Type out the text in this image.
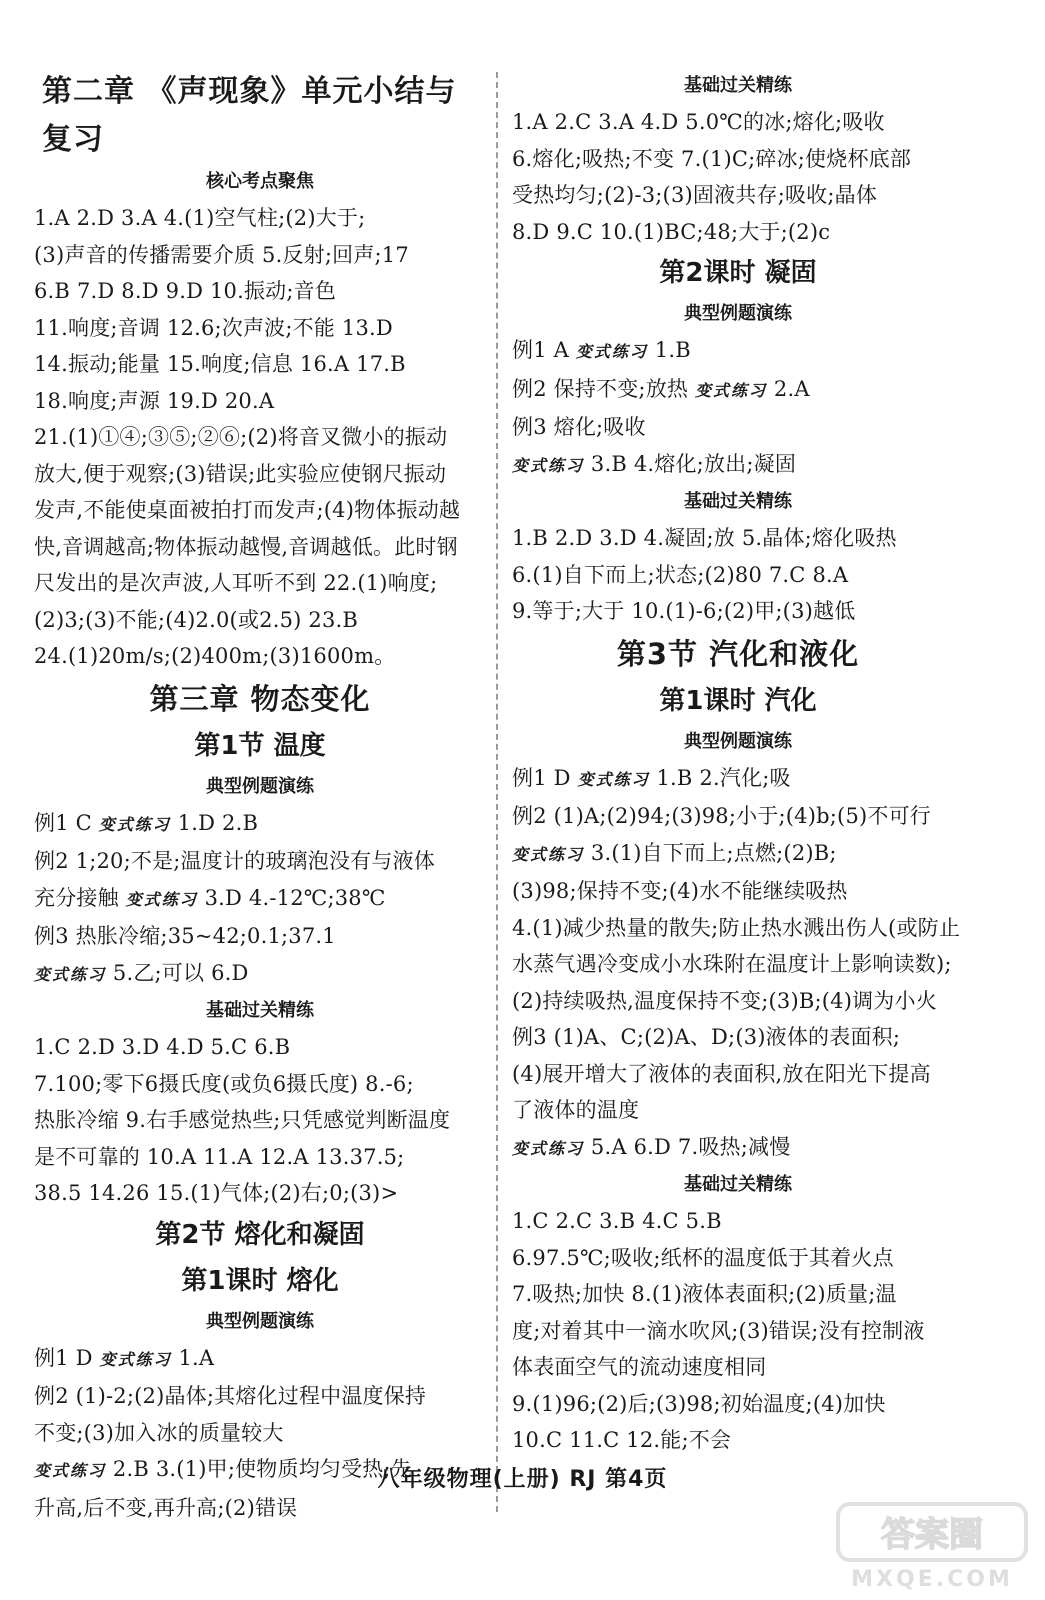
第二章 《声现象》单元小结与复习
核心考点聚焦
1.A 2.D 3.A 4.(1)空气柱;(2)大于;
(3)声音的传播需要介质 5.反射;回声;17
6.B 7.D 8.D 9.D 10.振动;音色
11.响度;音调 12.6;次声波;不能 13.D
14.振动;能量 15.响度;信息 16.A 17.B
18.响度;声源 19.D 20.A
21.(1)①④;③⑤;②⑥;(2)将音叉微小的振动
放大,便于观察;(3)错误;此实验应使钢尺振动
发声,不能使桌面被拍打而发声;(4)物体振动越
快,音调越高;物体振动越慢,音调越低。此时钢
尺发出的是次声波,人耳听不到 22.(1)响度;
(2)3;(3)不能;(4)2.0(或2.5) 23.B
24.(1)20m/s;(2)400m;(3)1600m。
第三章 物态变化
第1节 温度
典型例题演练
例1 C 变式练习 1.D 2.B
例2 1;20;不是;温度计的玻璃泡没有与液体
充分接触 变式练习 3.D 4.-12℃;38℃
例3 热胀冷缩;35~42;0.1;37.1
变式练习 5.乙;可以 6.D
基础过关精练
1.C 2.D 3.D 4.D 5.C 6.B
7.100;零下6摄氏度(或负6摄氏度) 8.-6;
热胀冷缩 9.右手感觉热些;只凭感觉判断温度
是不可靠的 10.A 11.A 12.A 13.37.5;
38.5 14.26 15.(1)气体;(2)右;0;(3)>
第2节 熔化和凝固
第1课时 熔化
典型例题演练
例1 D 变式练习 1.A
例2 (1)-2;(2)晶体;其熔化过程中温度保持
不变;(3)加入冰的质量较大
变式练习 2.B 3.(1)甲;使物质均匀受热;先
升高,后不变,再升高;(2)错误
基础过关精练
1.A 2.C 3.A 4.D 5.0℃的冰;熔化;吸收
6.熔化;吸热;不变 7.(1)C;碎冰;使烧杯底部
受热均匀;(2)-3;(3)固液共存;吸收;晶体
8.D 9.C 10.(1)BC;48;大于;(2)c
第2课时 凝固
典型例题演练
例1 A 变式练习 1.B
例2 保持不变;放热 变式练习 2.A
例3 熔化;吸收
变式练习 3.B 4.熔化;放出;凝固
基础过关精练
1.B 2.D 3.D 4.凝固;放 5.晶体;熔化吸热
6.(1)自下而上;状态;(2)80 7.C 8.A
9.等于;大于 10.(1)-6;(2)甲;(3)越低
第3节 汽化和液化
第1课时 汽化
典型例题演练
例1 D 变式练习 1.B 2.汽化;吸
例2 (1)A;(2)94;(3)98;小于;(4)b;(5)不可行
变式练习 3.(1)自下而上;点燃;(2)B;
(3)98;保持不变;(4)水不能继续吸热
4.(1)减少热量的散失;防止热水溅出伤人(或防止
水蒸气遇冷变成小水珠附在温度计上影响读数);
(2)持续吸热,温度保持不变;(3)B;(4)调为小火
例3 (1)A、C;(2)A、D;(3)液体的表面积;
(4)展开增大了液体的表面积,放在阳光下提高
了液体的温度
变式练习 5.A 6.D 7.吸热;减慢
基础过关精练
1.C 2.C 3.B 4.C 5.B
6.97.5℃;吸收;纸杯的温度低于其着火点
7.吸热;加快 8.(1)液体表面积;(2)质量;温
度;对着其中一滴水吹风;(3)错误;没有控制液
体表面空气的流动速度相同
9.(1)96;(2)后;(3)98;初始温度;(4)加快
10.C 11.C 12.能;不会
八年级物理(上册) RJ 第4页
答案圈
MXQE.COM
